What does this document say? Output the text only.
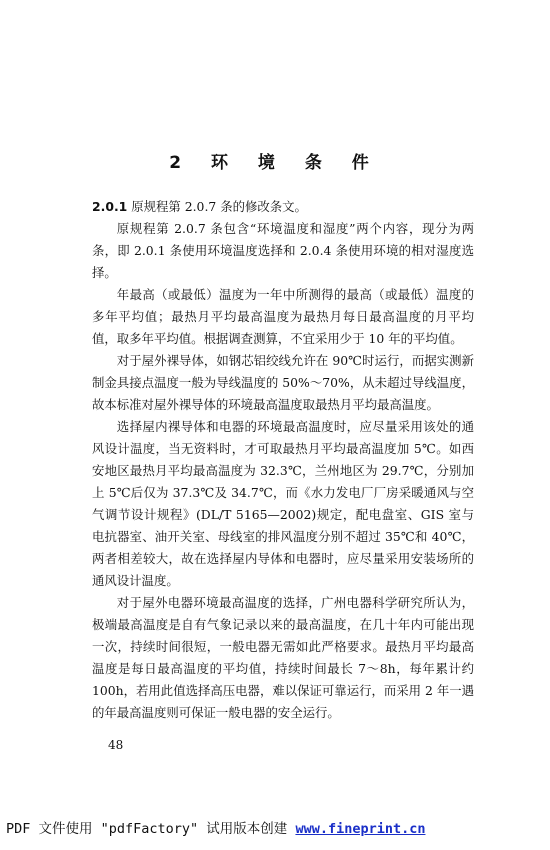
2 环 境 条 件

2.0.1 原规程第 2.0.7 条的修改条文。

原规程第 2.0.7 条包含“环境温度和湿度”两个内容，现分为两条，即 2.0.1 条使用环境温度选择和 2.0.4 条使用环境的相对湿度选择。

年最高（或最低）温度为一年中所测得的最高（或最低）温度的多年平均值；最热月平均最高温度为最热月每日最高温度的月平均值，取多年平均值。根据调查测算，不宜采用少于 10 年的平均值。

对于屋外裸导体，如钢芯铝绞线允许在 90℃时运行，而据实测新制金具接点温度一般为导线温度的 50%～70%，从未超过导线温度，故本标准对屋外裸导体的环境最高温度取最热月平均最高温度。

选择屋内裸导体和电器的环境最高温度时，应尽量采用该处的通风设计温度，当无资料时，才可取最热月平均最高温度加 5℃。如西安地区最热月平均最高温度为 32.3℃，兰州地区为 29.7℃，分别加上 5℃后仅为 37.3℃及 34.7℃，而《水力发电厂厂房采暖通风与空气调节设计规程》(DL/T 5165—2002)规定，配电盘室、GIS 室与电抗器室、油开关室、母线室的排风温度分别不超过 35℃和 40℃，两者相差较大，故在选择屋内导体和电器时，应尽量采用安装场所的通风设计温度。

对于屋外电器环境最高温度的选择，广州电器科学研究所认为，极端最高温度是自有气象记录以来的最高温度，在几十年内可能出现一次，持续时间很短，一般电器无需如此严格要求。最热月平均最高温度是每日最高温度的平均值，持续时间最长 7～8h，每年累计约 100h，若用此值选择高压电器，难以保证可靠运行，而采用 2 年一遇的年最高温度则可保证一般电器的安全运行。

48
PDF 文件使用 "pdfFactory" 试用版本创建 www.fineprint.cn
